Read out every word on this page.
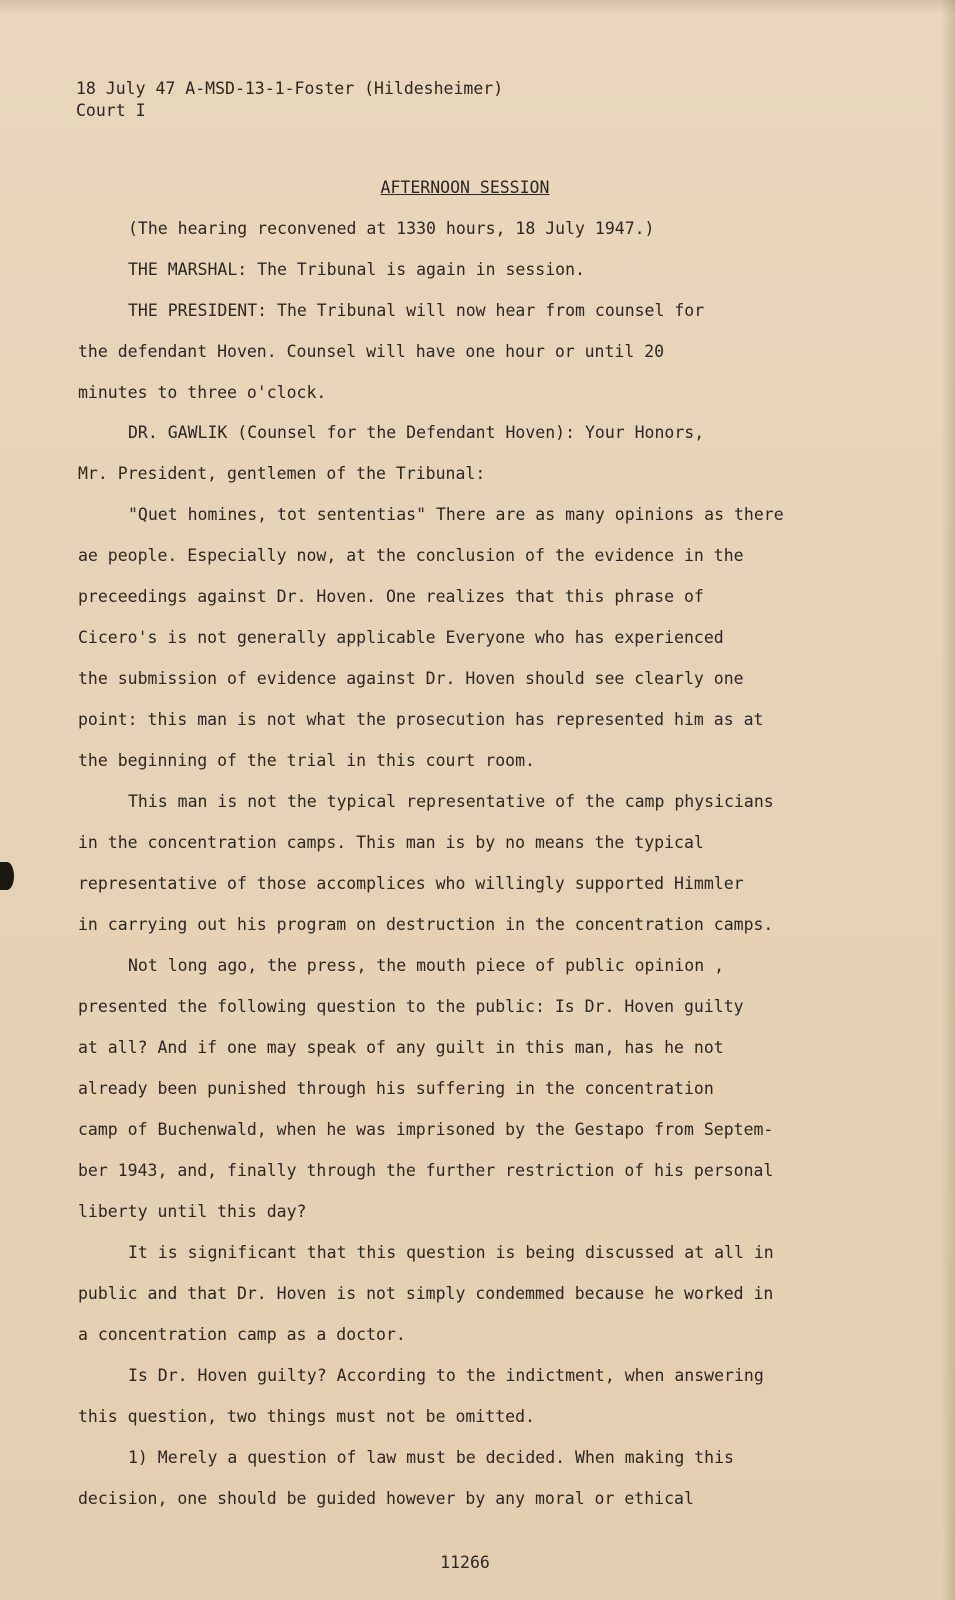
18 July 47 A-MSD-13-1-Foster (Hildesheimer)
Court I
AFTERNOON SESSION
(The hearing reconvened at 1330 hours, 18 July 1947.)
THE MARSHAL: The Tribunal is again in session.
THE PRESIDENT: The Tribunal will now hear from counsel for
the defendant Hoven. Counsel will have one hour or until 20
minutes to three o'clock.
DR. GAWLIK (Counsel for the Defendant Hoven): Your Honors,
Mr. President, gentlemen of the Tribunal:
"Quet homines, tot sententias" There are as many opinions as there
ae people. Especially now, at the conclusion of the evidence in the
preceedings against Dr. Hoven. One realizes that this phrase of
Cicero's is not generally applicable Everyone who has experienced
the submission of evidence against Dr. Hoven should see clearly one
point: this man is not what the prosecution has represented him as at
the beginning of the trial in this court room.
This man is not the typical representative of the camp physicians
in the concentration camps. This man is by no means the typical
representative of those accomplices who willingly supported Himmler
in carrying out his program on destruction in the concentration camps.
Not long ago, the press, the mouth piece of public opinion ,
presented the following question to the public: Is Dr. Hoven guilty
at all? And if one may speak of any guilt in this man, has he not
already been punished through his suffering in the concentration
camp of Buchenwald, when he was imprisoned by the Gestapo from Septem-
ber 1943, and, finally through the further restriction of his personal
liberty until this day?
It is significant that this question is being discussed at all in
public and that Dr. Hoven is not simply condemmed because he worked in
a concentration camp as a doctor.
Is Dr. Hoven guilty? According to the indictment, when answering
this question, two things must not be omitted.
1) Merely a question of law must be decided. When making this
decision, one should be guided however by any moral or ethical
11266
